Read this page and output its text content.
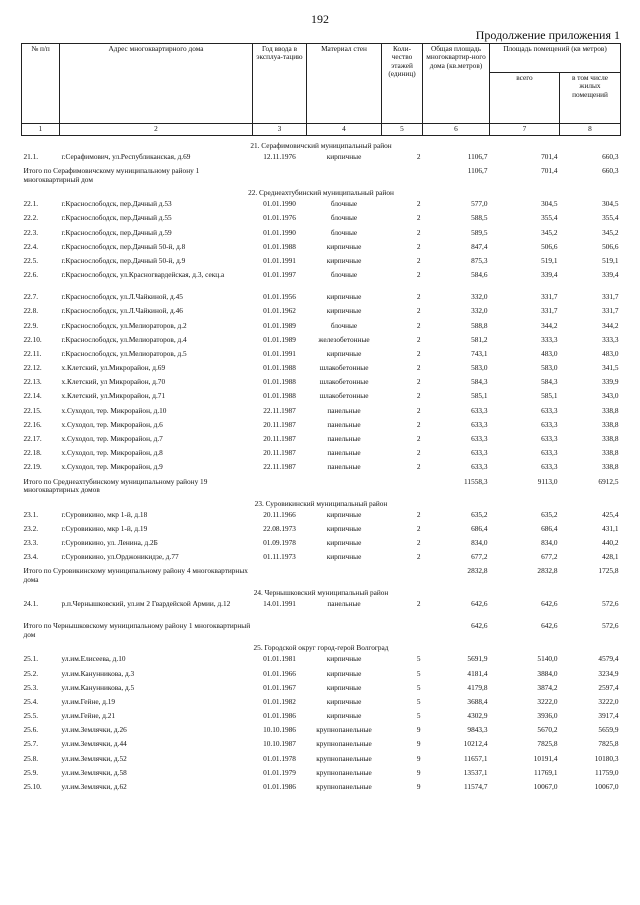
192
Продолжение приложения 1
№ п/п	Адрес многоквартирного дома	Год ввода в эксплуа-тацию	Материал стен	Коли-чество этажей (единиц)	Общая площадь многоквартир-ного дома (кв.метров)	Площадь помещений (кв метров)	
						всего	в том числе жилых помещений
1	2	3	4	5	6	7	8

21. Серафимовичский муниципальный район							
21.1.	г.Серафимович, ул.Республиканская, д.69	12.11.1976	кирпичные	2	1106,7	701,4	660,3
Итого по Серафимовичскому муниципальному району 1 многоквартирный дом					1106,7	701,4	660,3
22. Среднеахтубинский муниципальный район							
22.1.	г.Краснослободск, пер.Дачный д.53	01.01.1990	блочные	2	577,0	304,5	304,5
22.2.	г.Краснослободск, пер.Дачный д.55	01.01.1976	блочные	2	588,5	355,4	355,4
22.3.	г.Краснослободск, пер.Дачный д.59	01.01.1990	блочные	2	589,5	345,2	345,2
22.4.	г.Краснослободск, пер.Дачный 50-й, д.8	01.01.1988	кирпичные	2	847,4	506,6	506,6
22.5.	г.Краснослободск, пер.Дачный 50-й, д.9	01.01.1991	кирпичные	2	875,3	519,1	519,1
22.6.	г.Краснослободск, ул.Красногвардейская, д.3, секц.а	01.01.1997	блочные	2	584,6	339,4	339,4
22.7.	г.Краснослободск, ул.Л.Чайкиной, д.45	01.01.1956	кирпичные	2	332,0	331,7	331,7
22.8.	г.Краснослободск, ул.Л.Чайкиной, д.46	01.01.1962	кирпичные	2	332,0	331,7	331,7
22.9.	г.Краснослободск, ул.Мелиораторов, д.2	01.01.1989	блочные	2	588,8	344,2	344,2
22.10.	г.Краснослободск, ул.Мелиораторов, д.4	01.01.1989	железобетонные	2	581,2	333,3	333,3
22.11.	г.Краснослободск, ул.Мелиораторов, д.5	01.01.1991	кирпичные	2	743,1	483,0	483,0
22.12.	х.Клетский, ул.Микрорайон, д.69	01.01.1988	шлакобетонные	2	583,0	583,0	341,5
22.13.	х.Клетский, ул Микрорайон, д.70	01.01.1988	шлакобетонные	2	584,3	584,3	339,9
22.14.	х.Клетский, ул.Микрорайон, д.71	01.01.1988	шлакобетонные	2	585,1	585,1	343,0
22.15.	х.Суходол, тер. Микрорайон, д.10	22.11.1987	панельные	2	633,3	633,3	338,8
22.16.	х.Суходол, тер. Микрорайон, д.6	20.11.1987	панельные	2	633,3	633,3	338,8
22.17.	х.Суходол, тер. Микрорайон, д.7	20.11.1987	панельные	2	633,3	633,3	338,8
22.18.	х.Суходол, тер. Микрорайон, д.8	20.11.1987	панельные	2	633,3	633,3	338,8
22.19.	х.Суходол, тер. Микрорайон, д.9	22.11.1987	панельные	2	633,3	633,3	338,8
Итого по Среднеахтубинскому муниципальному району 19 многоквартирных домов					11558,3	9113,0	6912,5
23. Суровикинский муниципальный район							
23.1.	г.Суровикино, мкр 1-й, д.18	20.11.1966	кирпичные	2	635,2	635,2	425,4
23.2.	г.Суровикино, мкр 1-й, д.19	22.08.1973	кирпичные	2	686,4	686,4	431,1
23.3.	г.Суровикино, ул. Ленина, д.2Б	01.09.1978	кирпичные	2	834,0	834,0	440,2
23.4.	г.Суровикино, ул.Орджоникидзе, д.77	01.11.1973	кирпичные	2	677,2	677,2	428,1
Итого по Суровикинскому муниципальному району 4 многоквартирных дома					2832,8	2832,8	1725,8
24. Чернышковский муниципальный район							
24.1.	р.п.Чернышковский, ул.им 2 Гвардейской Армии, д.12	14.01.1991	панельные	2	642,6	642,6	572,6
Итого по Чернышковскому муниципальному району 1 многоквартирный дом					642,6	642,6	572,6
25. Городской округ город-герой Волгоград							
25.1.	ул.им.Елисеева, д.10	01.01.1981	кирпичные	5	5691,9	5140,0	4579,4
25.2.	ул.им.Канунникова, д.3	01.01.1966	кирпичные	5	4181,4	3884,0	3234,9
25.3.	ул.им.Канунникова, д.5	01.01.1967	кирпичные	5	4179,8	3874,2	2597,4
25.4.	ул.им.Гейне, д.19	01.01.1982	кирпичные	5	3688,4	3222,0	3222,0
25.5.	ул.им.Гейне, д.21	01.01.1986	кирпичные	5	4302,9	3936,0	3917,4
25.6.	ул.им.Землячки, д.26	10.10.1986	крупнопанельные	9	9843,3	5670,2	5659,9
25.7.	ул.им.Землячки, д.44	10.10.1987	крупнопанельные	9	10212,4	7825,8	7825,8
25.8.	ул.им.Землячки, д.52	01.01.1978	крупнопанельные	9	11657,1	10191,4	10180,3
25.9.	ул.им.Землячки, д.58	01.01.1979	крупнопанельные	9	13537,1	11769,1	11759,0
25.10.	ул.им.Землячки, д.62	01.01.1986	крупнопанельные	9	11574,7	10067,0	10067,0
